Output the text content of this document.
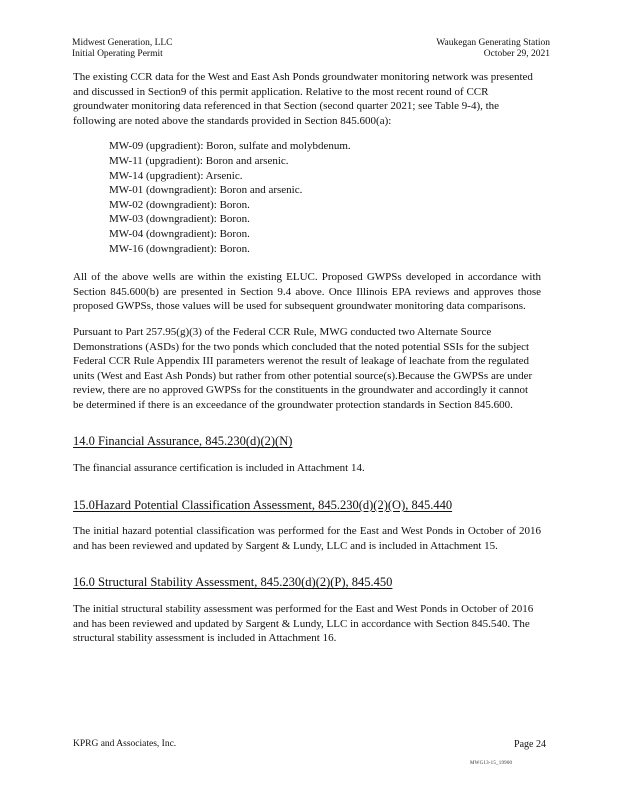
Midwest Generation, LLC
Initial Operating Permit
Waukegan Generating Station
October 29, 2021

The existing CCR data for the West and East Ash Ponds groundwater monitoring network was presented and discussed in Section9 of this permit application. Relative to the most recent round of CCR groundwater monitoring data referenced in that Section (second quarter 2021; see Table 9-4), the following are noted above the standards provided in Section 845.600(a):

MW-09 (upgradient): Boron, sulfate and molybdenum.
MW-11 (upgradient): Boron and arsenic.
MW-14 (upgradient): Arsenic.
MW-01 (downgradient): Boron and arsenic.
MW-02 (downgradient): Boron.
MW-03 (downgradient): Boron.
MW-04 (downgradient): Boron.
MW-16 (downgradient): Boron.

All of the above wells are within the existing ELUC. Proposed GWPSs developed in accordance with Section 845.600(b) are presented in Section 9.4 above. Once Illinois EPA reviews and approves those proposed GWPSs, those values will be used for subsequent groundwater monitoring data comparisons.

Pursuant to Part 257.95(g)(3) of the Federal CCR Rule, MWG conducted two Alternate Source Demonstrations (ASDs) for the two ponds which concluded that the noted potential SSIs for the subject Federal CCR Rule Appendix III parameters werenot the result of leakage of leachate from the regulated units (West and East Ash Ponds) but rather from other potential source(s).Because the GWPSs are under review, there are no approved GWPSs for the constituents in the groundwater and accordingly it cannot be determined if there is an exceedance of the groundwater protection standards in Section 845.600.

14.0 Financial Assurance, 845.230(d)(2)(N)

The financial assurance certification is included in Attachment 14.

15.0Hazard Potential Classification Assessment, 845.230(d)(2)(O), 845.440

The initial hazard potential classification was performed for the East and West Ponds in October of 2016 and has been reviewed and updated by Sargent & Lundy, LLC and is included in Attachment 15.

16.0 Structural Stability Assessment, 845.230(d)(2)(P), 845.450

The initial structural stability assessment was performed for the East and West Ponds in October of 2016 and has been reviewed and updated by Sargent & Lundy, LLC in accordance with Section 845.540. The structural stability assessment is included in Attachment 16.

KPRG and Associates, Inc.	Page 24
MWG13-15_19900
